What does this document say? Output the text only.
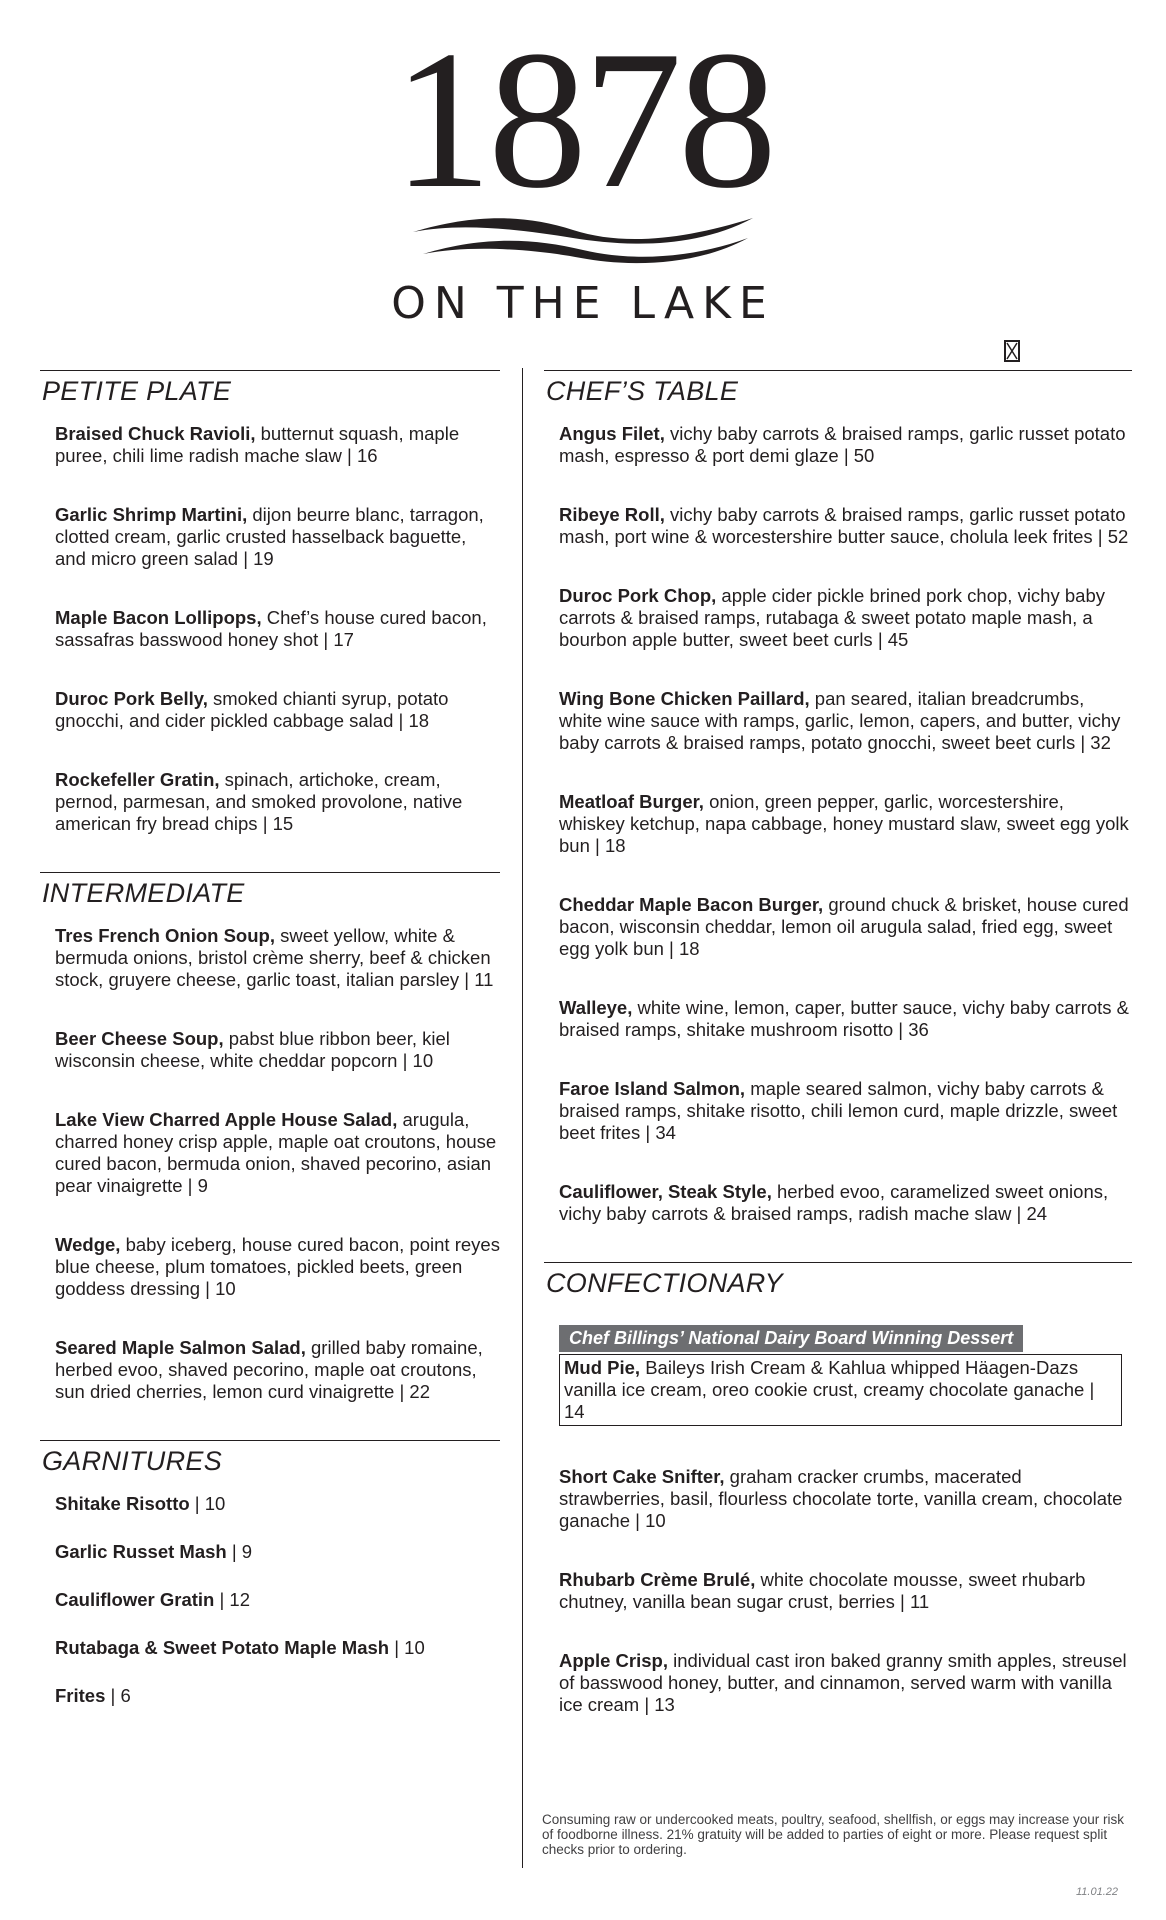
1878
ON THE LAKE
PETITE PLATE
Braised Chuck Ravioli, butternut squash, maple puree, chili lime radish mache slaw | 16
Garlic Shrimp Martini, dijon beurre blanc, tarragon, clotted cream, garlic crusted hasselback baguette, and micro green salad | 19
Maple Bacon Lollipops, Chef’s house cured bacon, sassafras basswood honey shot | 17
Duroc Pork Belly, smoked chianti syrup, potato gnocchi, and cider pickled cabbage salad | 18
Rockefeller Gratin, spinach, artichoke, cream, pernod, parmesan, and smoked provolone, native american fry bread chips | 15
INTERMEDIATE
Tres French Onion Soup, sweet yellow, white & bermuda onions, bristol crème sherry, beef & chicken stock, gruyere cheese, garlic toast, italian parsley | 11
Beer Cheese Soup, pabst blue ribbon beer, kiel wisconsin cheese, white cheddar popcorn | 10
Lake View Charred Apple House Salad, arugula, charred honey crisp apple, maple oat croutons, house cured bacon, bermuda onion, shaved pecorino, asian pear vinaigrette | 9
Wedge, baby iceberg, house cured bacon, point reyes blue cheese, plum tomatoes, pickled beets, green goddess dressing | 10
Seared Maple Salmon Salad, grilled baby romaine, herbed evoo, shaved pecorino, maple oat croutons, sun dried cherries, lemon curd vinaigrette | 22
GARNITURES
Shitake Risotto | 10
Garlic Russet Mash | 9
Cauliflower Gratin | 12
Rutabaga & Sweet Potato Maple Mash | 10
Frites | 6
CHEF’S TABLE
Angus Filet, vichy baby carrots & braised ramps, garlic russet potato mash, espresso & port demi glaze | 50
Ribeye Roll, vichy baby carrots & braised ramps, garlic russet potato mash, port wine & worcestershire butter sauce, cholula leek frites | 52
Duroc Pork Chop, apple cider pickle brined pork chop, vichy baby carrots & braised ramps, rutabaga & sweet potato maple mash, a bourbon apple butter, sweet beet curls | 45
Wing Bone Chicken Paillard, pan seared, italian breadcrumbs, white wine sauce with ramps, garlic, lemon, capers, and butter, vichy baby carrots & braised ramps, potato gnocchi, sweet beet curls | 32
Meatloaf Burger, onion, green pepper, garlic, worcestershire, whiskey ketchup, napa cabbage, honey mustard slaw, sweet egg yolk bun | 18
Cheddar Maple Bacon Burger, ground chuck & brisket, house cured bacon, wisconsin cheddar, lemon oil arugula salad, fried egg, sweet egg yolk bun | 18
Walleye, white wine, lemon, caper, butter sauce, vichy baby carrots & braised ramps, shitake mushroom risotto | 36
Faroe Island Salmon, maple seared salmon, vichy baby carrots & braised ramps, shitake risotto, chili lemon curd, maple drizzle, sweet beet frites | 34
Cauliflower, Steak Style, herbed evoo, caramelized sweet onions, vichy baby carrots & braised ramps, radish mache slaw | 24
CONFECTIONARY
Chef Billings’ National Dairy Board Winning Dessert
Mud Pie, Baileys Irish Cream & Kahlua whipped Häagen-Dazs vanilla ice cream, oreo cookie crust, creamy chocolate ganache | 14
Short Cake Snifter, graham cracker crumbs, macerated strawberries, basil, flourless chocolate torte, vanilla cream, chocolate ganache | 10
Rhubarb Crème Brulé, white chocolate mousse, sweet rhubarb chutney, vanilla bean sugar crust, berries | 11
Apple Crisp, individual cast iron baked granny smith apples, streusel of basswood honey, butter, and cinnamon, served warm with vanilla ice cream | 13
Consuming raw or undercooked meats, poultry, seafood, shellfish, or eggs may increase your risk of foodborne illness. 21% gratuity will be added to parties of eight or more. Please request split checks prior to ordering.
11.01.22
